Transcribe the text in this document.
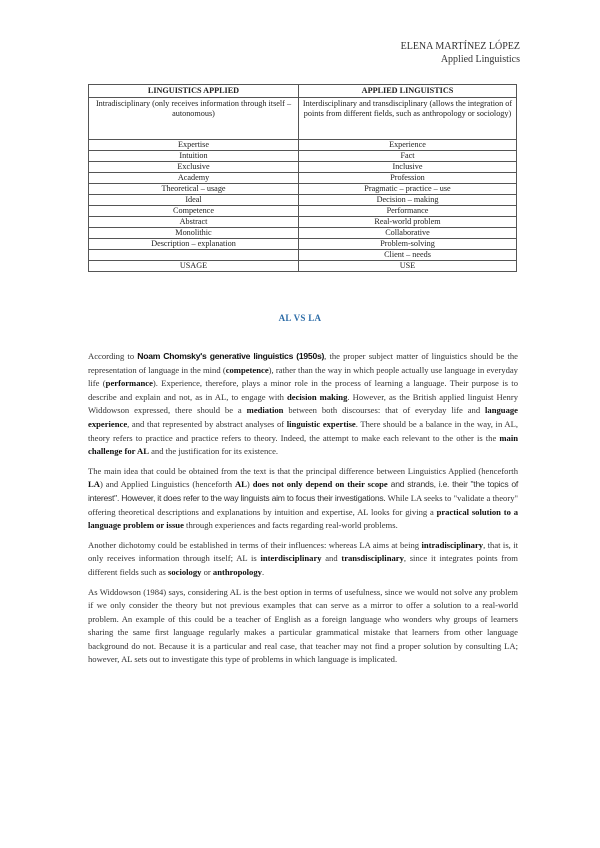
ELENA MARTÍNEZ LÓPEZ
Applied Linguistics
LINGUISTICS APPLIED	APPLIED LINGUISTICS
Intradisciplinary (only receives information through itself – autonomous)	Interdisciplinary and transdisciplinary (allows the integration of points from different fields, such as anthropology or sociology)
Expertise	Experience
Intuition	Fact
Exclusive	Inclusive
Academy	Profession
Theoretical – usage	Pragmatic – practice – use
Ideal	Decision – making
Competence	Performance
Abstract	Real-world problem
Monolithic	Collaborative
Description – explanation	Problem-solving
	Client – needs
USAGE	USE
AL VS LA

According to Noam Chomsky's generative linguistics (1950s), the proper subject matter of linguistics should be the representation of language in the mind (competence), rather than the way in which people actually use language in everyday life (performance). Experience, therefore, plays a minor role in the process of learning a language. Their purpose is to describe and explain and not, as in AL, to engage with decision making. However, as the British applied linguist Henry Widdowson expressed, there should be a mediation between both discourses: that of everyday life and language experience, and that represented by abstract analyses of linguistic expertise. There should be a balance in the way, in AL, theory refers to practice and practice refers to theory. Indeed, the attempt to make each relevant to the other is the main challenge for AL and the justification for its existence.

The main idea that could be obtained from the text is that the principal difference between Linguistics Applied (henceforth LA) and Applied Linguistics (henceforth AL) does not only depend on their scope and strands, i.e. their "the topics of interest". However, it does refer to the way linguists aim to focus their investigations. While LA seeks to "validate a theory" offering theoretical descriptions and explanations by intuition and expertise, AL looks for giving a practical solution to a language problem or issue through experiences and facts regarding real-world problems.

Another dichotomy could be established in terms of their influences: whereas LA aims at being intradisciplinary, that is, it only receives information through itself; AL is interdisciplinary and transdisciplinary, since it integrates points from different fields such as sociology or anthropology.

As Widdowson (1984) says, considering AL is the best option in terms of usefulness, since we would not solve any problem if we only consider the theory but not previous examples that can serve as a mirror to offer a solution to a real-world problem. An example of this could be a teacher of English as a foreign language who wonders why groups of learners sharing the same first language regularly makes a particular grammatical mistake that learners from other language background do not. Because it is a particular and real case, that teacher may not find a proper solution by consulting LA; however, AL sets out to investigate this type of problems in which language is implicated.
